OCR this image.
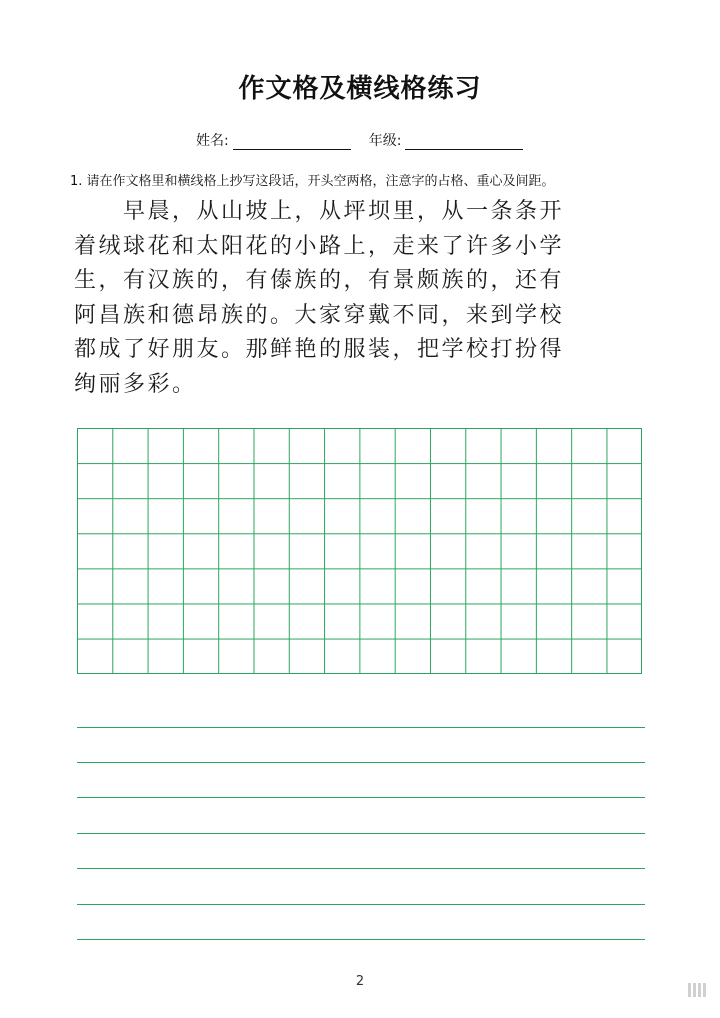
作文格及横线格练习
姓名:	年级:
1. 请在作文格里和横线格上抄写这段话，开头空两格，注意字的占格、重心及间距。
　　早晨，从山坡上，从坪坝里，从一条条开
着绒球花和太阳花的小路上，走来了许多小学
生，有汉族的，有傣族的，有景颇族的，还有
阿昌族和德昂族的。大家穿戴不同，来到学校
都成了好朋友。那鲜艳的服装，把学校打扮得
绚丽多彩。
2
